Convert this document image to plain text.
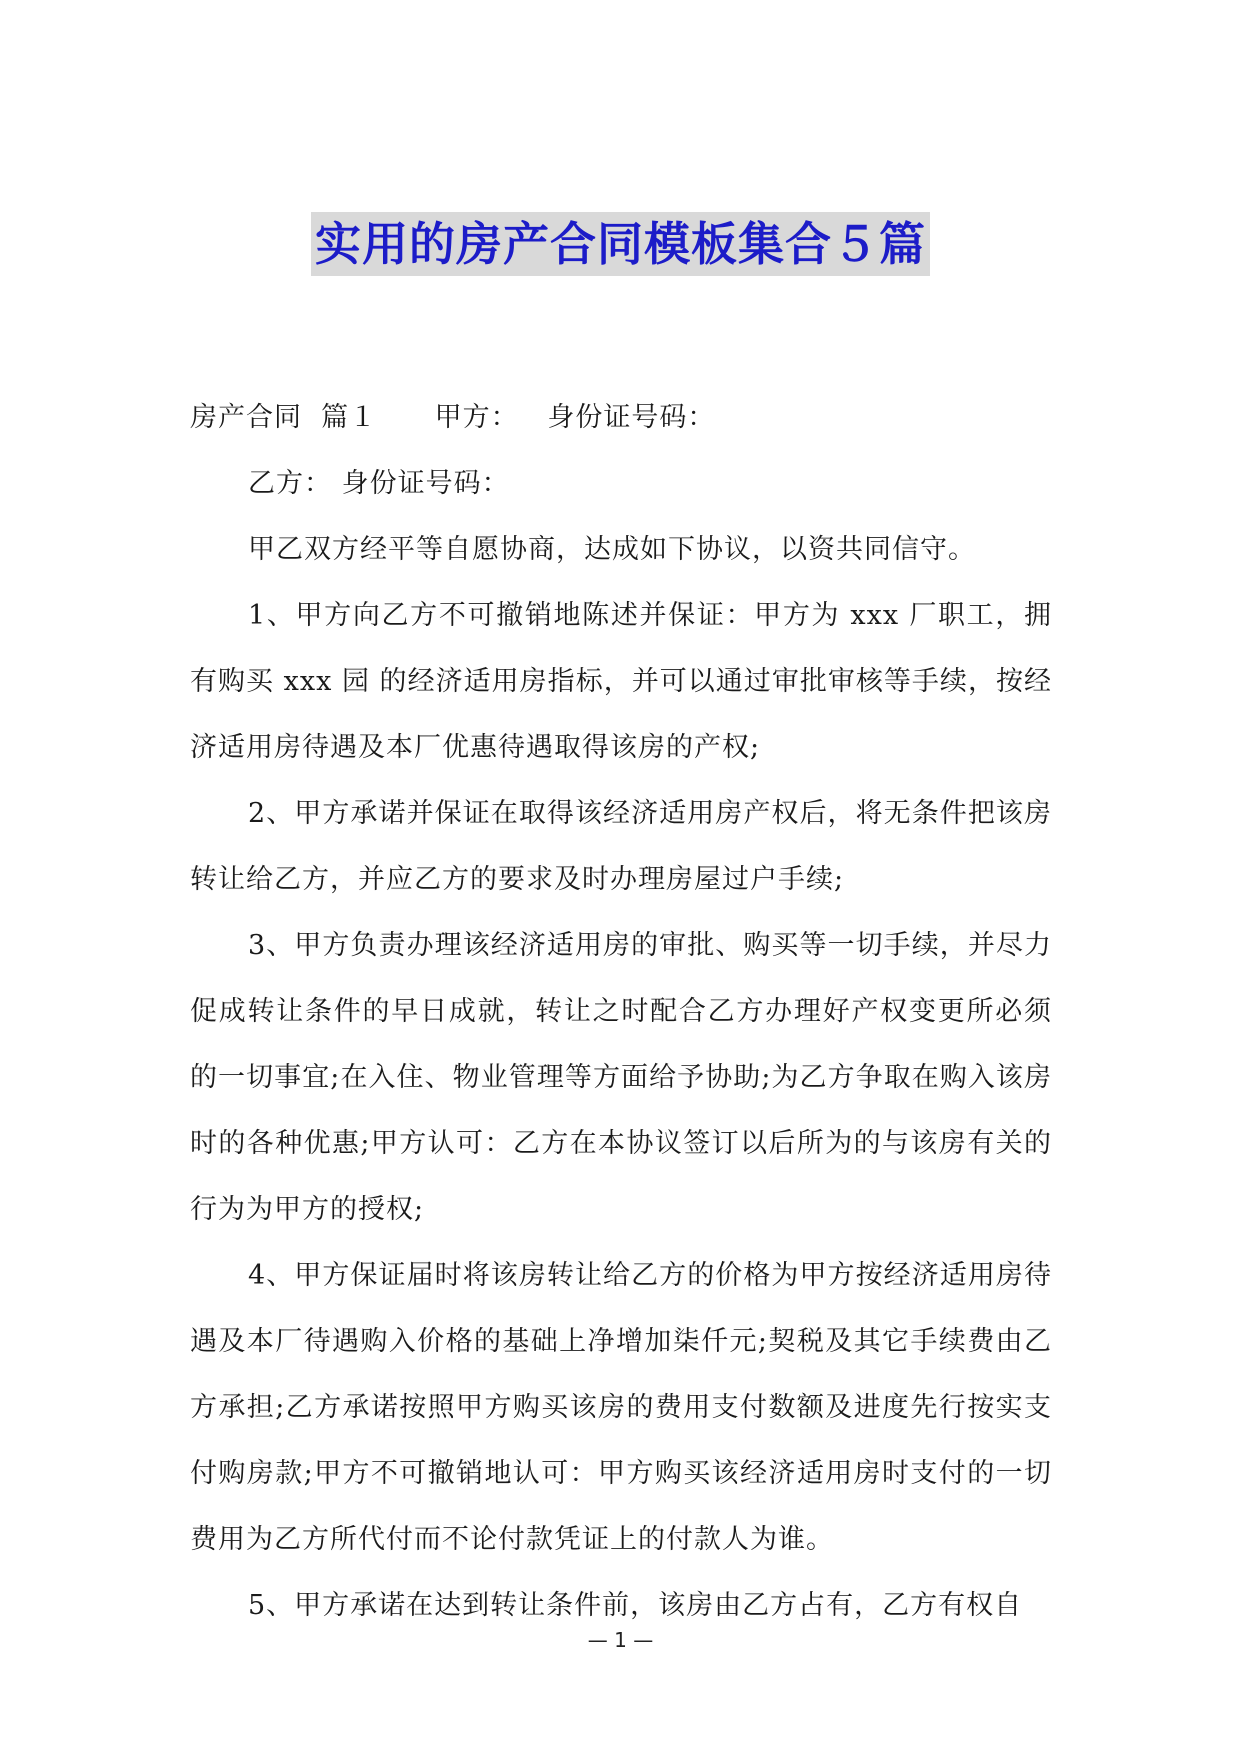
实用的房产合同模板集合５篇

房产合同  篇１      甲方：   身份证号码：

乙方： 身份证号码：

甲乙双方经平等自愿协商，达成如下协议，以资共同信守。

1、甲方向乙方不可撤销地陈述并保证：甲方为 xxx 厂职工，拥有购买 xxx 园 的经济适用房指标，并可以通过审批审核等手续，按经济适用房待遇及本厂优惠待遇取得该房的产权;

2、甲方承诺并保证在取得该经济适用房产权后，将无条件把该房转让给乙方，并应乙方的要求及时办理房屋过户手续;

3、甲方负责办理该经济适用房的审批、购买等一切手续，并尽力促成转让条件的早日成就，转让之时配合乙方办理好产权变更所必须的一切事宜;在入住、物业管理等方面给予协助;为乙方争取在购入该房时的各种优惠;甲方认可：乙方在本协议签订以后所为的与该房有关的行为为甲方的授权;

4、甲方保证届时将该房转让给乙方的价格为甲方按经济适用房待遇及本厂待遇购入价格的基础上净增加柒仟元;契税及其它手续费由乙方承担;乙方承诺按照甲方购买该房的费用支付数额及进度先行按实支付购房款;甲方不可撤销地认可：甲方购买该经济适用房时支付的一切费用为乙方所代付而不论付款凭证上的付款人为谁。

5、甲方承诺在达到转让条件前，该房由乙方占有，乙方有权自

— 1 —
